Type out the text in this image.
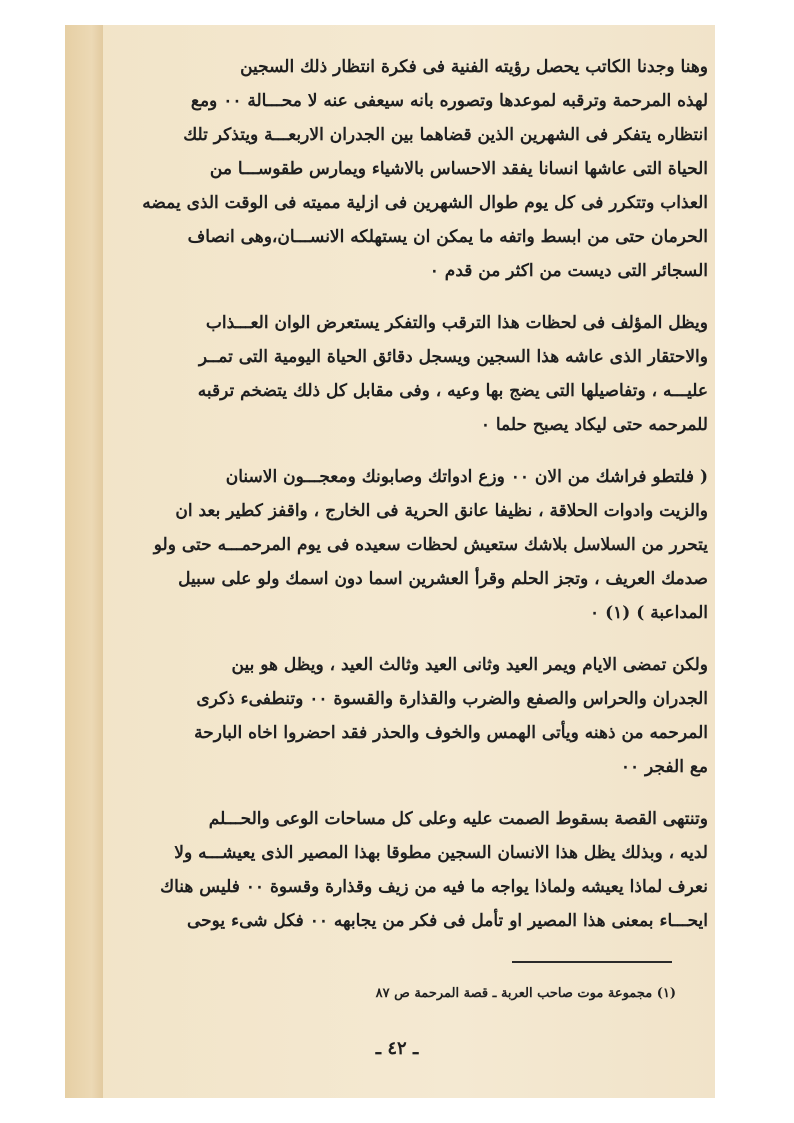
وهنا وجدنا الكاتب يحصل رؤيته الفنية فى فكرة انتظار ذلك السجين
لهذه المرحمة وترقبه لموعدها وتصوره بانه سيعفى عنه لا محـــالة ٠٠ ومع
انتظاره يتفكر فى الشهرين الذين قضاهما بين الجدران الاربعـــة ويتذكر تلك
الحياة التى عاشها انسانا يفقد الاحساس بالاشياء ويمارس طقوســـا من
العذاب وتتكرر فى كل يوم طوال الشهرين فى ازلية مميته فى الوقت الذى يمضه
الحرمان حتى من ابسط واتفه ما يمكن ان يستهلكه الانســـان،وهى انصاف
السجائر التى ديست من اكثر من قدم ٠

ويظل المؤلف فى لحظات هذا الترقب والتفكر يستعرض الوان العـــذاب
والاحتقار الذى عاشه هذا السجين ويسجل دقائق الحياة اليومية التى تمــر
عليـــه ، وتفاصيلها التى يضج بها وعيه ، وفى مقابل كل ذلك يتضخم ترقبه
للمرحمه حتى ليكاد يصبح حلما ٠

( فلتطو فراشك من الان ٠٠ وزع ادواتك وصابونك ومعجـــون الاسنان
والزيت وادوات الحلاقة ، نظيفا عانق الحرية فى الخارج ، واقفز كطير بعد ان
يتحرر من السلاسل بلاشك ستعيش لحظات سعيده فى يوم المرحمـــه حتى ولو
صدمك العريف ، وتجز الحلم وقرأ العشرين اسما دون اسمك ولو على سبيل
المداعبة ) (١) ٠

ولكن تمضى الايام ويمر العيد وثانى العيد وثالث العيد ، ويظل هو بين
الجدران والحراس والصفع والضرب والقذارة والقسوة ٠٠ وتنطفىء ذكرى
المرحمه من ذهنه ويأتى الهمس والخوف والحذر فقد احضروا اخاه البارحة
مع الفجر ٠٠

وتنتهى القصة بسقوط الصمت عليه وعلى كل مساحات الوعى والحـــلم
لديه ، وبذلك يظل هذا الانسان السجين مطوقا بهذا المصير الذى يعيشـــه ولا
نعرف لماذا يعيشه ولماذا يواجه ما فيه من زيف وقذارة وقسوة ٠٠ فليس هناك
ايحـــاء بمعنى هذا المصير او تأمل فى فكر من يجابهه ٠٠ فكل شىء يوحى

(١) مجموعة موت صاحب العربة ـ قصة المرحمة ص ٨٧
ـ ٤٢ ـ
